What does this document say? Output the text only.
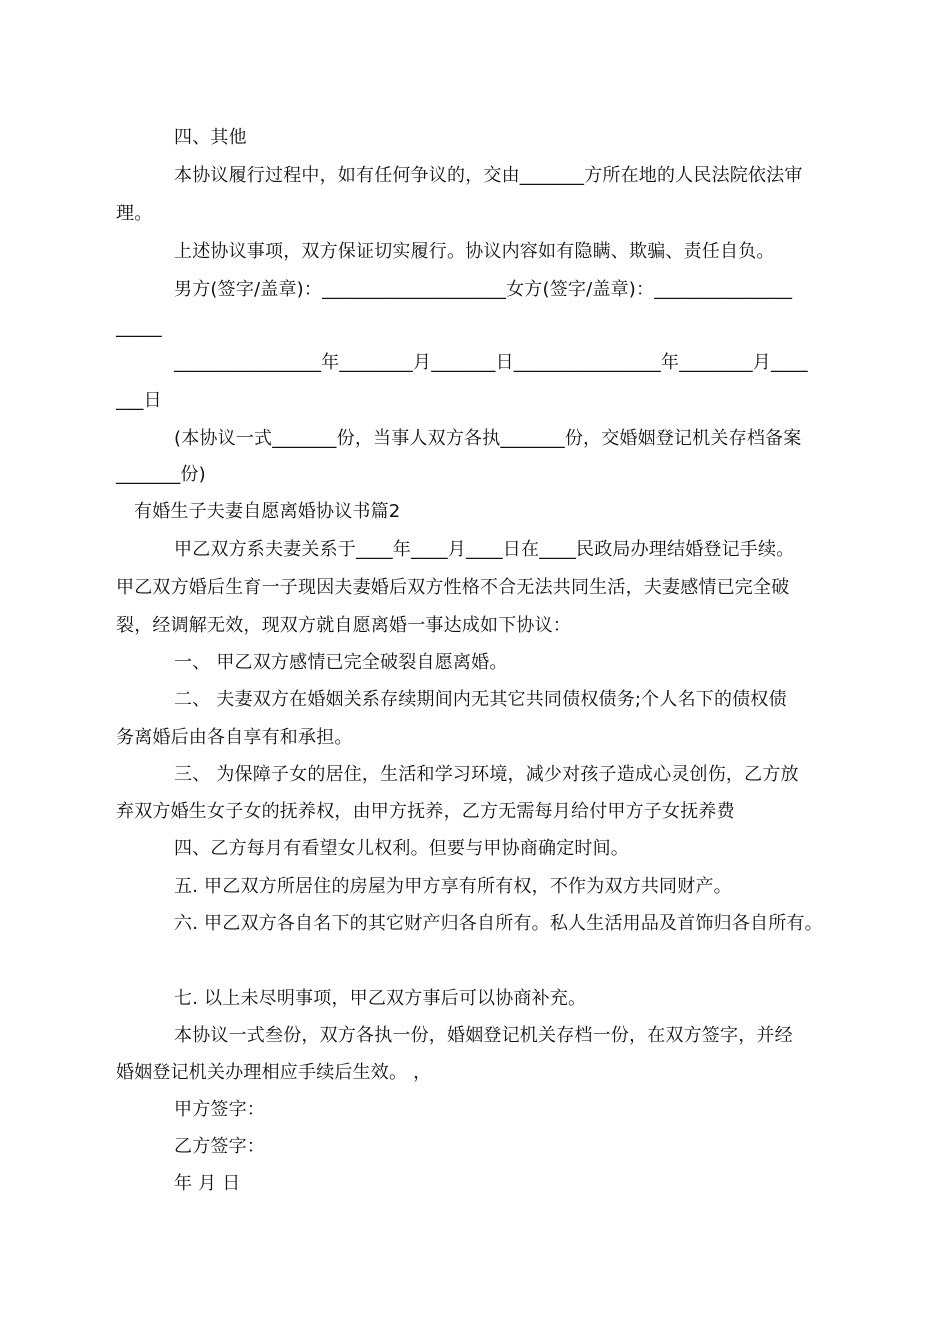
四、其他
本协议履行过程中，如有任何争议的，交由_______方所在地的人民法院依法审
理。
上述协议事项，双方保证切实履行。协议内容如有隐瞒、欺骗、责任自负。
男方(签字/盖章)：____________________女方(签字/盖章)：_______________
_____
________________年________月_______日________________年________月____
___日
(本协议一式_______份，当事人双方各执_______份，交婚姻登记机关存档备案
_______份)
有婚生子夫妻自愿离婚协议书篇2
甲乙双方系夫妻关系于____年____月____日在____民政局办理结婚登记手续。
甲乙双方婚后生育一子现因夫妻婚后双方性格不合无法共同生活，夫妻感情已完全破
裂，经调解无效，现双方就自愿离婚一事达成如下协议：
一、 甲乙双方感情已完全破裂自愿离婚。
二、 夫妻双方在婚姻关系存续期间内无其它共同债权债务;个人名下的债权债
务离婚后由各自享有和承担。
三、 为保障子女的居住，生活和学习环境，减少对孩子造成心灵创伤，乙方放
弃双方婚生女子女的抚养权，由甲方抚养，乙方无需每月给付甲方子女抚养费
四、乙方每月有看望女儿权利。但要与甲协商确定时间。
五. 甲乙双方所居住的房屋为甲方享有所有权，不作为双方共同财产。
六. 甲乙双方各自名下的其它财产归各自所有。私人生活用品及首饰归各自所有。
七. 以上未尽明事项，甲乙双方事后可以协商补充。
本协议一式叁份，双方各执一份，婚姻登记机关存档一份，在双方签字，并经
婚姻登记机关办理相应手续后生效。 ，
甲方签字：
乙方签字：
年 月 日
